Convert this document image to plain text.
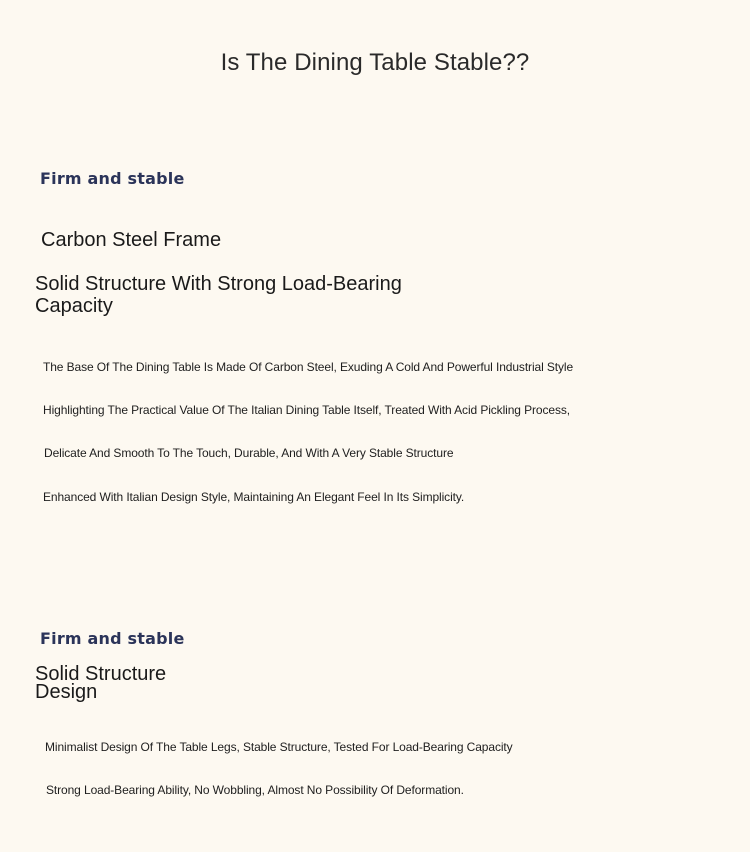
Is The Dining Table Stable??
Firm and stable
Carbon Steel Frame
Solid Structure With Strong Load-Bearing
Capacity
The Base Of The Dining Table Is Made Of Carbon Steel, Exuding A Cold And Powerful Industrial Style
Highlighting The Practical Value Of The Italian Dining Table Itself, Treated With Acid Pickling Process,
Delicate And Smooth To The Touch, Durable, And With A Very Stable Structure
Enhanced With Italian Design Style, Maintaining An Elegant Feel In Its Simplicity.
Firm and stable
Solid Structure
Design
Minimalist Design Of The Table Legs, Stable Structure, Tested For Load-Bearing Capacity
Strong Load-Bearing Ability, No Wobbling, Almost No Possibility Of Deformation.
